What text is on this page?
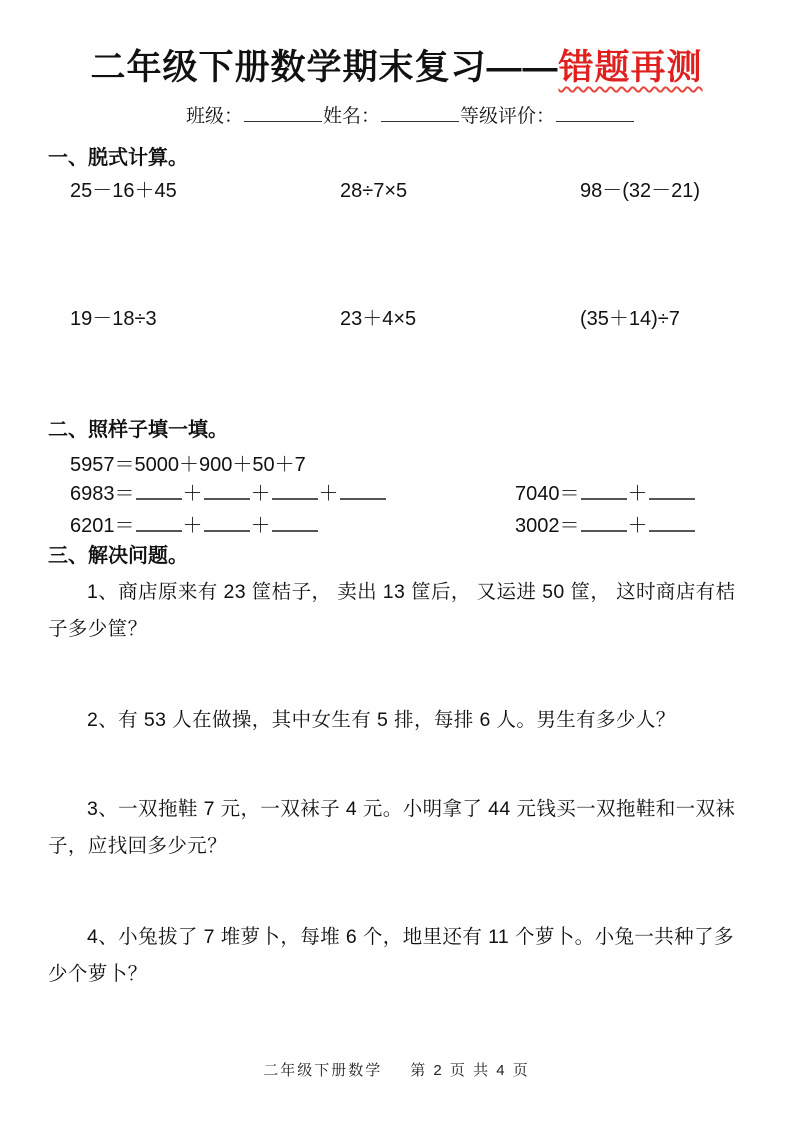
二年级下册数学期末复习——错题再测
班级：	姓名：	等级评价：
一、脱式计算。
25－16＋45	28÷7×5	98－(32－21)
19－18÷3	23＋4×5	(35＋14)÷7
二、照样子填一填。
5957＝5000＋900＋50＋7
6983＝ ＋ ＋ ＋	7040＝ ＋
6201＝ ＋ ＋	3002＝ ＋
三、解决问题。
1、商店原来有 23 筐桔子， 卖出 13 筐后， 又运进 50 筐， 这时商店有桔子多少筐？
2、有 53 人在做操，其中女生有 5 排，每排 6 人。男生有多少人？
3、一双拖鞋 7 元，一双袜子 4 元。小明拿了 44 元钱买一双拖鞋和一双袜子，应找回多少元？
4、小兔拔了 7 堆萝卜，每堆 6 个，地里还有 11 个萝卜。小兔一共种了多少个萝卜？
二年级下册数学 第 2 页 共 4 页
